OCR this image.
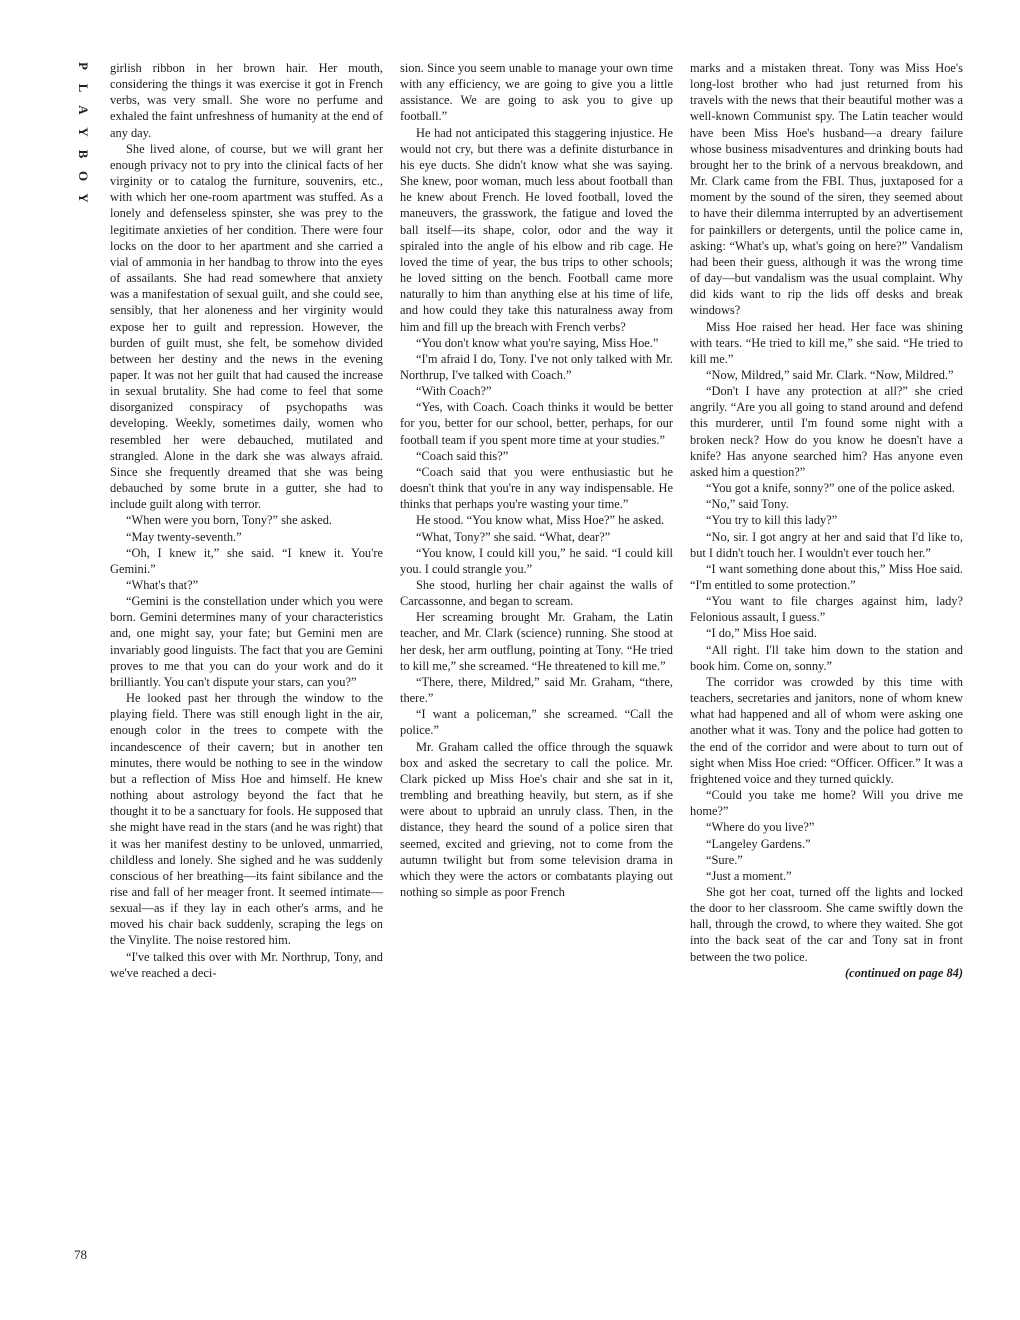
P
L
A
Y
B
O
Y
78

girlish ribbon in her brown hair. Her mouth, considering the things it was exercise it got in French verbs, was very small. She wore no perfume and exhaled the faint unfreshness of humanity at the end of any day.

She lived alone, of course, but we will grant her enough privacy not to pry into the clinical facts of her virginity or to catalog the furniture, souvenirs, etc., with which her one-room apartment was stuffed. As a lonely and defenseless spinster, she was prey to the legitimate anxieties of her condition. There were four locks on the door to her apartment and she carried a vial of ammonia in her handbag to throw into the eyes of assailants. She had read somewhere that anxiety was a manifestation of sexual guilt, and she could see, sensibly, that her aloneness and her virginity would expose her to guilt and repression. However, the burden of guilt must, she felt, be somehow divided between her destiny and the news in the evening paper. It was not her guilt that had caused the increase in sexual brutality. She had come to feel that some disorganized conspiracy of psychopaths was developing. Weekly, sometimes daily, women who resembled her were debauched, mutilated and strangled. Alone in the dark she was always afraid. Since she frequently dreamed that she was being debauched by some brute in a gutter, she had to include guilt along with terror.

“When were you born, Tony?” she asked.

“May twenty-seventh.”

“Oh, I knew it,” she said. “I knew it. You're Gemini.”

“What's that?”

“Gemini is the constellation under which you were born. Gemini determines many of your characteristics and, one might say, your fate; but Gemini men are invariably good linguists. The fact that you are Gemini proves to me that you can do your work and do it brilliantly. You can't dispute your stars, can you?”

He looked past her through the window to the playing field. There was still enough light in the air, enough color in the trees to compete with the incandescence of their cavern; but in another ten minutes, there would be nothing to see in the window but a reflection of Miss Hoe and himself. He knew nothing about astrology beyond the fact that he thought it to be a sanctuary for fools. He supposed that she might have read in the stars (and he was right) that it was her manifest destiny to be unloved, unmarried, childless and lonely. She sighed and he was suddenly conscious of her breathing—its faint sibilance and the rise and fall of her meager front. It seemed intimate—sexual—as if they lay in each other's arms, and he moved his chair back suddenly, scraping the legs on the Vinylite. The noise restored him.

“I've talked this over with Mr. Northrup, Tony, and we've reached a deci-

sion. Since you seem unable to manage your own time with any efficiency, we are going to give you a little assistance. We are going to ask you to give up football.”

He had not anticipated this staggering injustice. He would not cry, but there was a definite disturbance in his eye ducts. She didn't know what she was saying. She knew, poor woman, much less about football than he knew about French. He loved football, loved the maneuvers, the grasswork, the fatigue and loved the ball itself—its shape, color, odor and the way it spiraled into the angle of his elbow and rib cage. He loved the time of year, the bus trips to other schools; he loved sitting on the bench. Football came more naturally to him than anything else at his time of life, and how could they take this naturalness away from him and fill up the breach with French verbs?

“You don't know what you're saying, Miss Hoe.”

“I'm afraid I do, Tony. I've not only talked with Mr. Northrup, I've talked with Coach.”

“With Coach?”

“Yes, with Coach. Coach thinks it would be better for you, better for our school, better, perhaps, for our football team if you spent more time at your studies.”

“Coach said this?”

“Coach said that you were enthusiastic but he doesn't think that you're in any way indispensable. He thinks that perhaps you're wasting your time.”

He stood. “You know what, Miss Hoe?” he asked.

“What, Tony?” she said. “What, dear?”

“You know, I could kill you,” he said. “I could kill you. I could strangle you.”

She stood, hurling her chair against the walls of Carcassonne, and began to scream.

Her screaming brought Mr. Graham, the Latin teacher, and Mr. Clark (science) running. She stood at her desk, her arm outflung, pointing at Tony. “He tried to kill me,” she screamed. “He threatened to kill me.”

“There, there, Mildred,” said Mr. Graham, “there, there.”

“I want a policeman,” she screamed. “Call the police.”

Mr. Graham called the office through the squawk box and asked the secretary to call the police. Mr. Clark picked up Miss Hoe's chair and she sat in it, trembling and breathing heavily, but stern, as if she were about to upbraid an unruly class. Then, in the distance, they heard the sound of a police siren that seemed, excited and grieving, not to come from the autumn twilight but from some television drama in which they were the actors or combatants playing out nothing so simple as poor French

marks and a mistaken threat. Tony was Miss Hoe's long-lost brother who had just returned from his travels with the news that their beautiful mother was a well-known Communist spy. The Latin teacher would have been Miss Hoe's husband—a dreary failure whose business misadventures and drinking bouts had brought her to the brink of a nervous breakdown, and Mr. Clark came from the FBI. Thus, juxtaposed for a moment by the sound of the siren, they seemed about to have their dilemma interrupted by an advertisement for painkillers or detergents, until the police came in, asking: “What's up, what's going on here?” Vandalism had been their guess, although it was the wrong time of day—but vandalism was the usual complaint. Why did kids want to rip the lids off desks and break windows?

Miss Hoe raised her head. Her face was shining with tears. “He tried to kill me,” she said. “He tried to kill me.”

“Now, Mildred,” said Mr. Clark. “Now, Mildred.”

“Don't I have any protection at all?” she cried angrily. “Are you all going to stand around and defend this murderer, until I'm found some night with a broken neck? How do you know he doesn't have a knife? Has anyone searched him? Has anyone even asked him a question?”

“You got a knife, sonny?” one of the police asked.

“No,” said Tony.

“You try to kill this lady?”

“No, sir. I got angry at her and said that I'd like to, but I didn't touch her. I wouldn't ever touch her.”

“I want something done about this,” Miss Hoe said. “I'm entitled to some protection.”

“You want to file charges against him, lady? Felonious assault, I guess.”

“I do,” Miss Hoe said.

“All right. I'll take him down to the station and book him. Come on, sonny.”

The corridor was crowded by this time with teachers, secretaries and janitors, none of whom knew what had happened and all of whom were asking one another what it was. Tony and the police had gotten to the end of the corridor and were about to turn out of sight when Miss Hoe cried: “Officer. Officer.” It was a frightened voice and they turned quickly.

“Could you take me home? Will you drive me home?”

“Where do you live?”

“Langeley Gardens.”

“Sure.”

“Just a moment.”

She got her coat, turned off the lights and locked the door to her classroom. She came swiftly down the hall, through the crowd, to where they waited. She got into the back seat of the car and Tony sat in front between the two police.

(continued on page 84)
